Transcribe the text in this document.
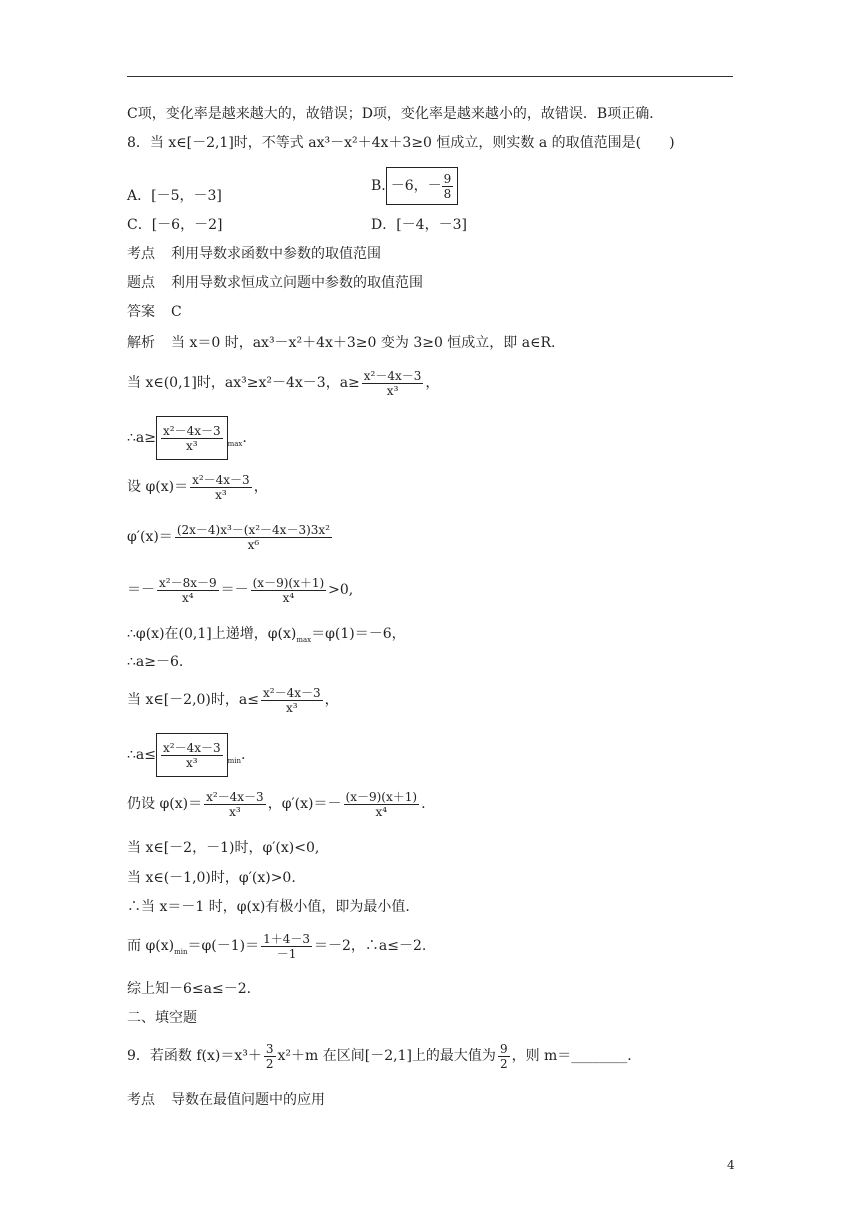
C项，变化率是越来越大的，故错误；D项，变化率是越来越小的，故错误．B项正确．
8．当 x∈[－2,1]时，不等式 ax³－x²＋4x＋3≥0 恒成立，则实数 a 的取值范围是(　　)
A．[－5，－3]
B. －6，－ $\frac{9}{8}$
C．[－6，－2]	D．[－4，－3]
考点 利用导数求函数中参数的取值范围
题点 利用导数求恒成立问题中参数的取值范围
答案 C
解析 当 x＝0 时，ax³－x²＋4x＋3≥0 变为 3≥0 恒成立，即 a∈R.
当 x∈(0,1]时，ax³≥x²－4x－3，$a\ge \frac{\text{x²－4x－3}}{\text{x³}}$ ，
∴a≥ $\frac{\text{x²－4x－3}}{\text{x³}} _{max}$.
设 $\varphi(x)= \frac{\text{x²－4x－3}}{\text{x³}}$ ，
$\varphi'(x)= \frac{\text{(2x－4)x³－(x²－4x－3)3x²}}{\text{x⁶}}$
＝－ $\frac{\text{x²－8x－9}}{\text{x⁴}} =- \frac{(x-9)(x+1)}{\text{x⁴}} >0$,
∴φ(x)在(0,1]上递增，$\varphi(x)_{max}=\varphi(1)=-6$，
∴a≥－6.
当 x∈[－2,0)时，$a\le \frac{\text{x²－4x－3}}{\text{x³}}$ ，
∴a≤ $\frac{\text{x²－4x－3}}{\text{x³}} _{min}$.
仍设 $\varphi(x)= \frac{\text{x²－4x－3}}{\text{x³}}$ ，$\varphi'(x)=- \frac{(x-9)(x+1)}{\text{x⁴}}$ .
当 x∈[－2，－1)时，φ′(x)<0,
当 x∈(－1,0)时，φ′(x)>0.
∴当 x＝－1 时，φ(x)有极小值，即为最小值.
而 $\varphi(x)_{min}=\varphi(-1)= \frac{1+4-3}{-1} =-2$，∴a≤－2.
综上知－6≤a≤－2.
二、填空题
9．若函数 $f(x)=x^3+ \frac{3}{2} x^2+m$ 在区间[－2,1]上的最大值为 $\frac{9}{2}$ ，则 m＝________.
考点 导数在最值问题中的应用
4
